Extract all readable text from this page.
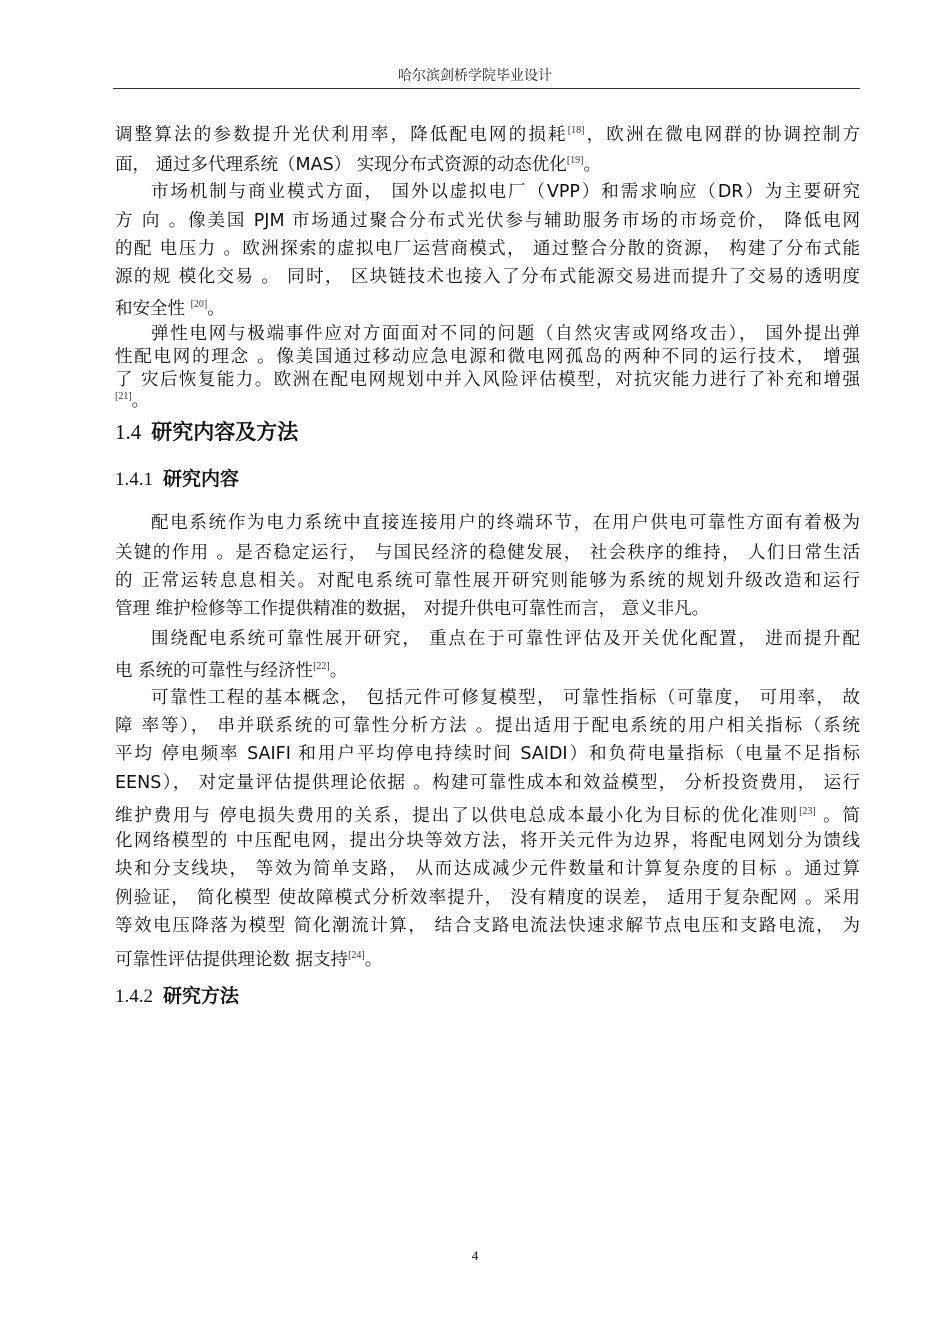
哈尔滨剑桥学院毕业设计
调整算法的参数提升光伏利用率，降低配电网的损耗[18]，欧洲在微电网群的协调控制方
面， 通过多代理系统（MAS） 实现分布式资源的动态优化[19]。
市场机制与商业模式方面， 国外以虚拟电厂（VPP）和需求响应（DR）为主要研究
方 向 。像美国 PJM 市场通过聚合分布式光伏参与辅助服务市场的市场竞价， 降低电网
的配 电压力 。欧洲探索的虚拟电厂运营商模式， 通过整合分散的资源， 构建了分布式能
源的规 模化交易 。 同时， 区块链技术也接入了分布式能源交易进而提升了交易的透明度
和安全性 [20]。
弹性电网与极端事件应对方面面对不同的问题（自然灾害或网络攻击）， 国外提出弹
性配电网的理念 。像美国通过移动应急电源和微电网孤岛的两种不同的运行技术， 增强
了 灾后恢复能力。欧洲在配电网规划中并入风险评估模型，对抗灾能力进行了补充和增强
[21]。
配电系统作为电力系统中直接连接用户的终端环节，在用户供电可靠性方面有着极为
关键的作用 。是否稳定运行， 与国民经济的稳健发展， 社会秩序的维持， 人们日常生活
的 正常运转息息相关。对配电系统可靠性展开研究则能够为系统的规划升级改造和运行
管理 维护检修等工作提供精准的数据， 对提升供电可靠性而言， 意义非凡。
围绕配电系统可靠性展开研究， 重点在于可靠性评估及开关优化配置， 进而提升配
电 系统的可靠性与经济性[22]。
可靠性工程的基本概念， 包括元件可修复模型， 可靠性指标（可靠度， 可用率， 故
障 率等）， 串并联系统的可靠性分析方法 。提出适用于配电系统的用户相关指标（系统
平均 停电频率 SAIFI 和用户平均停电持续时间 SAIDI）和负荷电量指标（电量不足指标
EENS）， 对定量评估提供理论依据 。构建可靠性成本和效益模型， 分析投资费用， 运行
维护费用与 停电损失费用的关系，提出了以供电总成本最小化为目标的优化准则[23] 。简
化网络模型的 中压配电网，提出分块等效方法，将开关元件为边界，将配电网划分为馈线
块和分支线块， 等效为简单支路， 从而达成减少元件数量和计算复杂度的目标 。通过算
例验证， 简化模型 使故障模式分析效率提升， 没有精度的误差， 适用于复杂配网 。采用
等效电压降落为模型 简化潮流计算， 结合支路电流法快速求解节点电压和支路电流， 为
可靠性评估提供理论数 据支持[24]。
1.4 研究内容及方法
1.4.1 研究内容
1.4.2 研究方法
4
